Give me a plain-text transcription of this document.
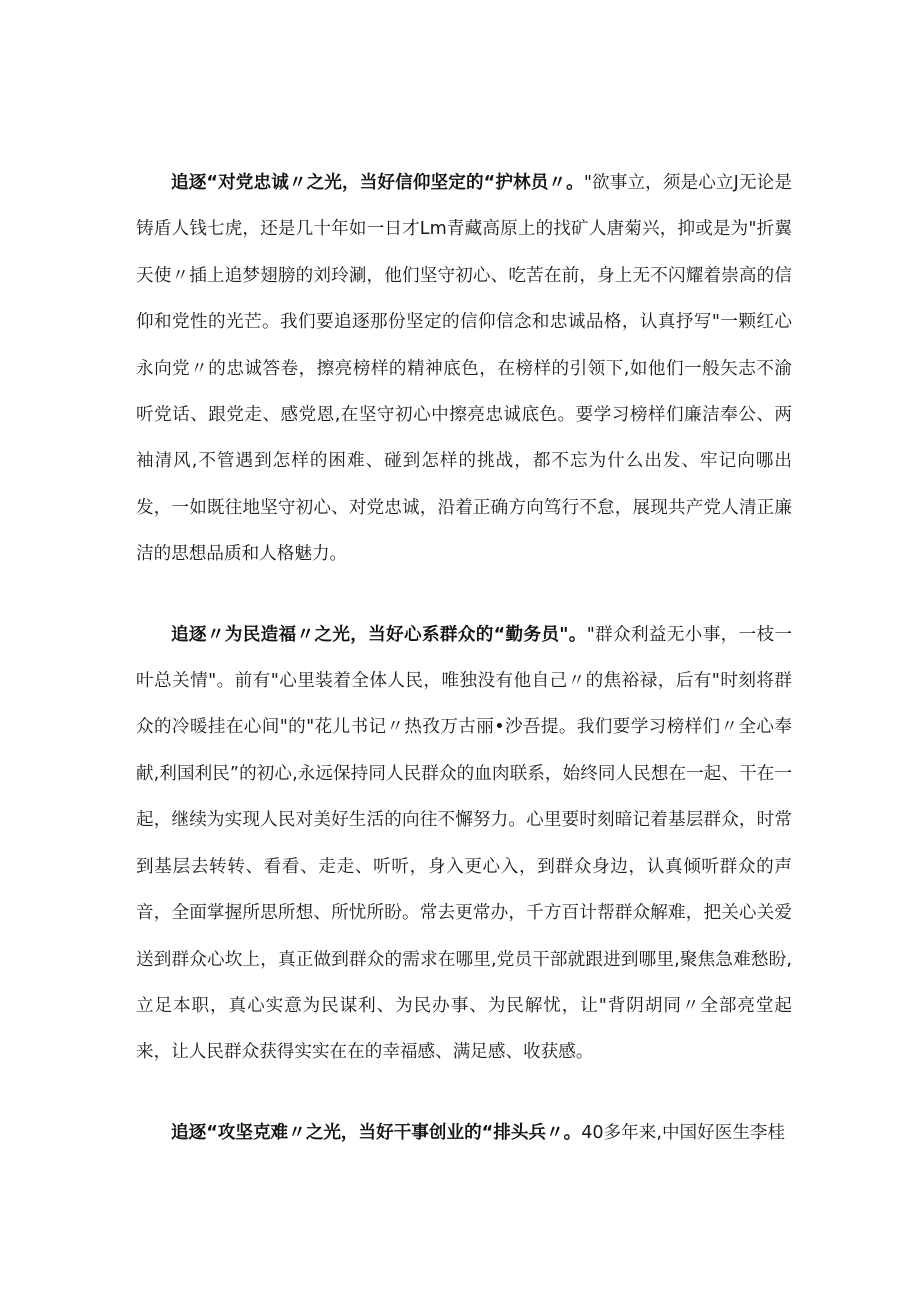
追逐“对党忠诚〃之光，当好信仰坚定的“护林员〃。"欲事立，须是心立J无论是铸盾人钱七虎，还是几十年如一日才Lm青藏高原上的找矿人唐菊兴，抑或是为"折翼天使〃插上追梦翅膀的刘玲涮，他们坚守初心、吃苦在前，身上无不闪耀着崇高的信仰和党性的光芒。我们要追逐那份坚定的信仰信念和忠诚品格，认真抒写"一颗红心永向党〃的忠诚答卷，擦亮榜样的精神底色，在榜样的引领下,如他们一般矢志不渝听党话、跟党走、感党恩,在坚守初心中擦亮忠诚底色。要学习榜样们廉洁奉公、两袖清风,不管遇到怎样的困难、碰到怎样的挑战，都不忘为什么出发、牢记向哪出发，一如既往地坚守初心、对党忠诚，沿着正确方向笃行不怠，展现共产党人清正廉洁的思想品质和人格魅力。

追逐〃为民造福〃之光，当好心系群众的“勤务员"。"群众利益无小事，一枝一叶总关情"。前有"心里装着全体人民，唯独没有他自己〃的焦裕禄，后有"时刻将群众的冷暖挂在心间"的"花儿书记〃热孜万古丽•沙吾提。我们要学习榜样们〃全心奉献,利国利民”的初心,永远保持同人民群众的血肉联系，始终同人民想在一起、干在一起，继续为实现人民对美好生活的向往不懈努力。心里要时刻暗记着基层群众，时常到基层去转转、看看、走走、听听，身入更心入，到群众身边，认真倾听群众的声音，全面掌握所思所想、所忧所盼。常去更常办，千方百计帮群众解难，把关心关爱送到群众心坎上，真正做到群众的需求在哪里,党员干部就跟进到哪里,聚焦急难愁盼,立足本职，真心实意为民谋利、为民办事、为民解忧，让"背阴胡同〃全部亮堂起来，让人民群众获得实实在在的幸福感、满足感、收获感。

追逐“攻坚克难〃之光，当好干事创业的“排头兵〃。40多年来,中国好医生李桂
